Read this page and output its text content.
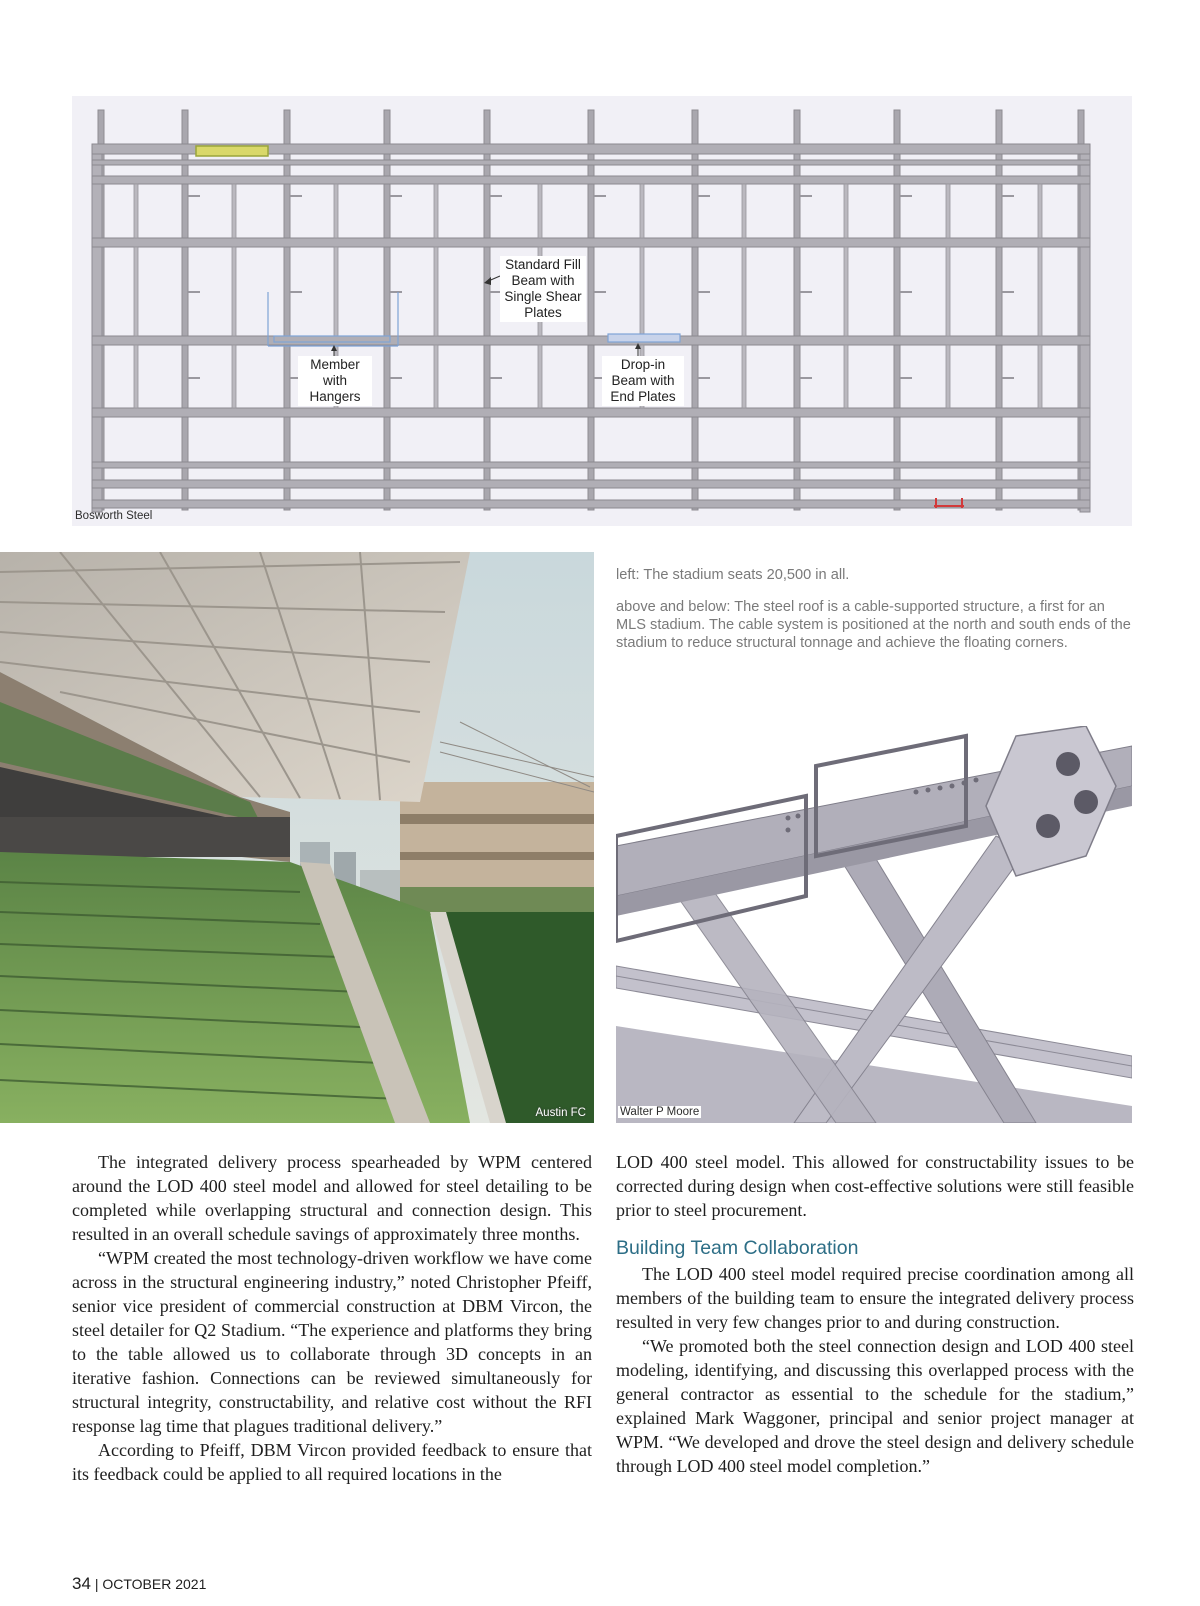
Standard Fill Beam with Single Shear Plates
Member with Hangers
Drop-in Beam with End Plates
Bosworth Steel
Austin FC
left: The stadium seats 20,500 in all.
above and below: The steel roof is a cable-supported structure, a first for an MLS stadium. The cable system is positioned at the north and south ends of the stadium to reduce structural tonnage and achieve the floating corners.
Walter P Moore

The integrated delivery process spearheaded by WPM centered around the LOD 400 steel model and allowed for steel detailing to be completed while overlapping structural and connection design. This resulted in an overall schedule savings of approximately three months.

“WPM created the most technology-driven workflow we have come across in the structural engineering industry,” noted Christopher Pfeiff, senior vice president of commercial construction at DBM Vircon, the steel detailer for Q2 Stadium. “The experience and platforms they bring to the table allowed us to collaborate through 3D concepts in an iterative fashion. Connections can be reviewed simultaneously for structural integrity, constructability, and relative cost without the RFI response lag time that plagues traditional delivery.”

According to Pfeiff, DBM Vircon provided feedback to ensure that its feedback could be applied to all required locations in the

LOD 400 steel model. This allowed for constructability issues to be corrected during design when cost-effective solutions were still feasible prior to steel procurement.

Building Team Collaboration

The LOD 400 steel model required precise coordination among all members of the building team to ensure the integrated delivery process resulted in very few changes prior to and during construction.

“We promoted both the steel connection design and LOD 400 steel modeling, identifying, and discussing this overlapped process with the general contractor as essential to the schedule for the stadium,” explained Mark Waggoner, principal and senior project manager at WPM. “We developed and drove the steel design and delivery schedule through LOD 400 steel model completion.”

34 | OCTOBER 2021
